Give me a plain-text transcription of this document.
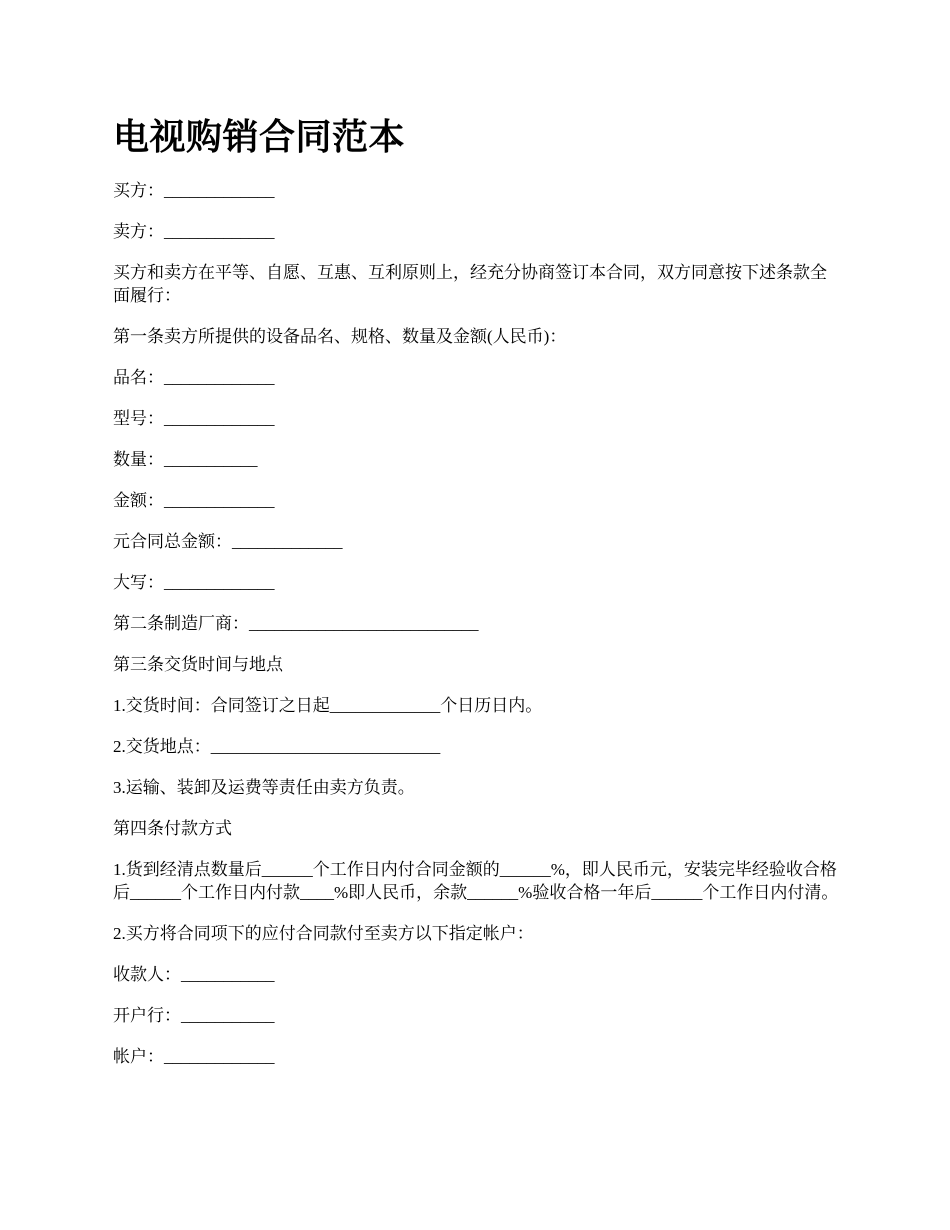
电视购销合同范本

买方：_____________

卖方：_____________

买方和卖方在平等、自愿、互惠、互利原则上，经充分协商签订本合同，双方同意按下述条款全面履行：

第一条卖方所提供的设备品名、规格、数量及金额(人民币)：

品名：_____________

型号：_____________

数量：___________

金额：_____________

元合同总金额：_____________

大写：_____________

第二条制造厂商：___________________________

第三条交货时间与地点

1.交货时间：合同签订之日起_____________个日历日内。

2.交货地点：___________________________

3.运输、装卸及运费等责任由卖方负责。

第四条付款方式

1.货到经清点数量后______个工作日内付合同金额的______%，即人民币元，安装完毕经验收合格后______个工作日内付款____%即人民币，余款______%验收合格一年后______个工作日内付清。

2.买方将合同项下的应付合同款付至卖方以下指定帐户：

收款人：___________

开户行：___________

帐户：_____________
